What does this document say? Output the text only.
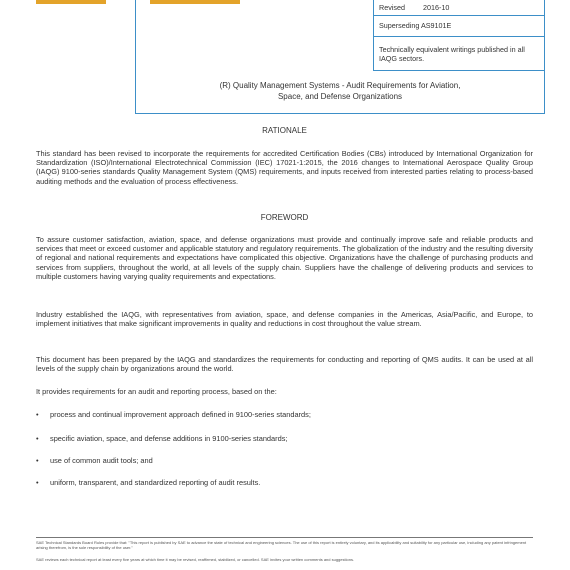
Revised	2016-10
Superseding AS9101E
Technically equivalent writings published in all IAQG sectors.
(R) Quality Management Systems - Audit Requirements for Aviation,
Space, and Defense Organizations
RATIONALE
This standard has been revised to incorporate the requirements for accredited Certification Bodies (CBs) introduced by International Organization for Standardization (ISO)/International Electrotechnical Commission (IEC) 17021-1:2015, the 2016 changes to International Aerospace Quality Group (IAQG) 9100-series standards Quality Management System (QMS) requirements, and inputs received from interested parties relating to process-based auditing methods and the evaluation of process effectiveness.
FOREWORD
To assure customer satisfaction, aviation, space, and defense organizations must provide and continually improve safe and reliable products and services that meet or exceed customer and applicable statutory and regulatory requirements. The globalization of the industry and the resulting diversity of regional and national requirements and expectations have complicated this objective. Organizations have the challenge of purchasing products and services from suppliers, throughout the world, at all levels of the supply chain. Suppliers have the challenge of delivering products and services to multiple customers having varying quality requirements and expectations.
Industry established the IAQG, with representatives from aviation, space, and defense companies in the Americas, Asia/Pacific, and Europe, to implement initiatives that make significant improvements in quality and reductions in cost throughout the value stream.
This document has been prepared by the IAQG and standardizes the requirements for conducting and reporting of QMS audits. It can be used at all levels of the supply chain by organizations around the world.
It provides requirements for an audit and reporting process, based on the:
• process and continual improvement approach defined in 9100-series standards;
• specific aviation, space, and defense additions in 9100-series standards;
• use of common audit tools; and
• uniform, transparent, and standardized reporting of audit results.
SAE Technical Standards Board Rules provide that: "This report is published by SAE to advance the state of technical and engineering sciences. The use of this report is entirely voluntary, and its applicability and suitability for any particular use, including any patent infringement arising therefrom, is the sole responsibility of the user."
SAE reviews each technical report at least every five years at which time it may be revised, reaffirmed, stabilized, or cancelled. SAE invites your written comments and suggestions.
